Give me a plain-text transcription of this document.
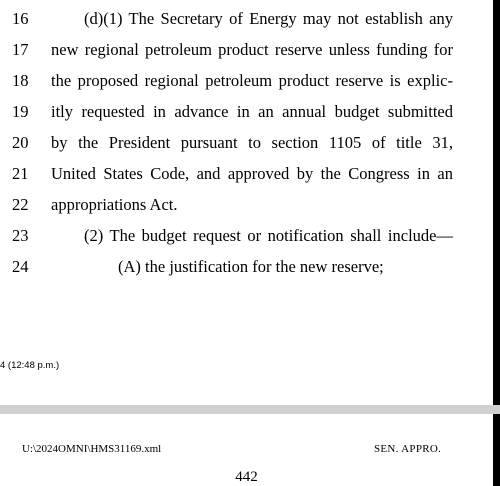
16	(d)(1) The Secretary of Energy may not establish any
17	new regional petroleum product reserve unless funding for
18	the proposed regional petroleum product reserve is explic-
19	itly requested in advance in an annual budget submitted
20	by the President pursuant to section 1105 of title 31,
21	United States Code, and approved by the Congress in an
22	appropriations Act.
23	(2) The budget request or notification shall include—
24	(A) the justification for the new reserve;
4 (12:48 p.m.)
U:\2024OMNI\HMS31169.xml	SEN. APPRO.
442
